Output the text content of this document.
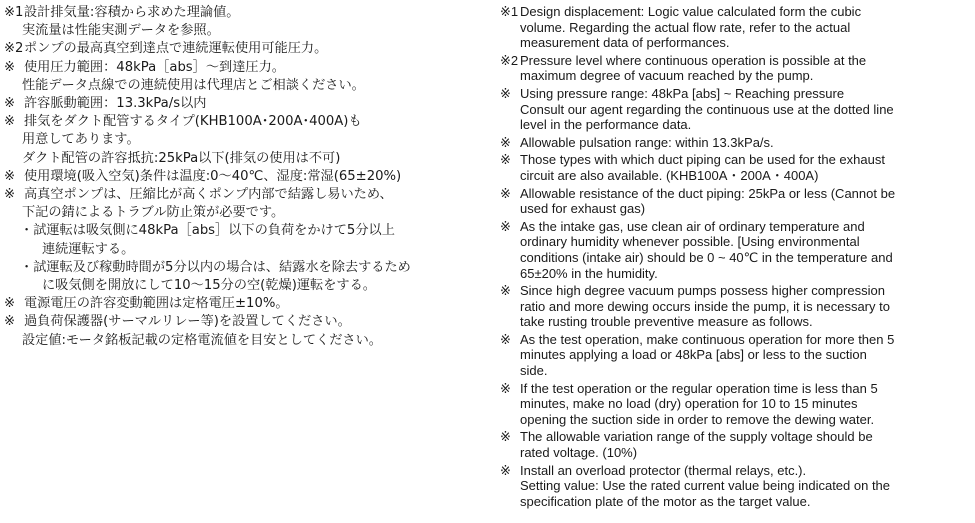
※1設計排気量:容積から求めた理論値。
実流量は性能実測データを参照。
※2ポンプの最高真空到達点で連続運転使用可能圧力。
※ 使用圧力範囲：48kPa［abs］～到達圧力。
性能データ点線での連続使用は代理店とご相談ください。
※ 許容脈動範囲：13.3kPa/s以内
※ 排気をダクト配管するタイプ(KHB100A･200A･400A)も
用意してあります。
ダクト配管の許容抵抗:25kPa以下(排気の使用は不可)
※ 使用環境(吸入空気)条件は温度:0～40℃、湿度:常湿(65±20%)
※ 高真空ポンプは、圧縮比が高くポンプ内部で結露し易いため、
下記の錆によるトラブル防止策が必要です。
・試運転は吸気側に48kPa［abs］以下の負荷をかけて5分以上
連続運転する。
・試運転及び稼動時間が5分以内の場合は、結露水を除去するため
に吸気側を開放にして10～15分の空(乾燥)運転をする。
※ 電源電圧の許容変動範囲は定格電圧±10%。
※ 過負荷保護器(サーマルリレー等)を設置してください。
設定値:モータ銘板記載の定格電流値を目安としてください。
※1 Design displacement: Logic value calculated form the cubic
volume. Regarding the actual flow rate, refer to the actual
measurement data of performances.
※2 Pressure level where continuous operation is possible at the
maximum degree of vacuum reached by the pump.
※ Using pressure range: 48kPa [abs] ~ Reaching pressure
Consult our agent regarding the continuous use at the dotted line
level in the performance data.
※ Allowable pulsation range: within 13.3kPa/s.
※ Those types with which duct piping can be used for the exhaust
circuit are also available. (KHB100A・200A・400A)
※ Allowable resistance of the duct piping: 25kPa or less (Cannot be
used for exhaust gas)
※ As the intake gas, use clean air of ordinary temperature and
ordinary humidity whenever possible. [Using environmental
conditions (intake air) should be 0 ~ 40℃ in the temperature and
65±20% in the humidity.
※ Since high degree vacuum pumps possess higher compression
ratio and more dewing occurs inside the pump, it is necessary to
take rusting trouble preventive measure as follows.
※ As the test operation, make continuous operation for more then 5
minutes applying a load or 48kPa [abs] or less to the suction
side.
※ If the test operation or the regular operation time is less than 5
minutes, make no load (dry) operation for 10 to 15 minutes
opening the suction side in order to remove the dewing water.
※ The allowable variation range of the supply voltage should be
rated voltage. (10%)
※ Install an overload protector (thermal relays, etc.).
Setting value: Use the rated current value being indicated on the
specification plate of the motor as the target value.
